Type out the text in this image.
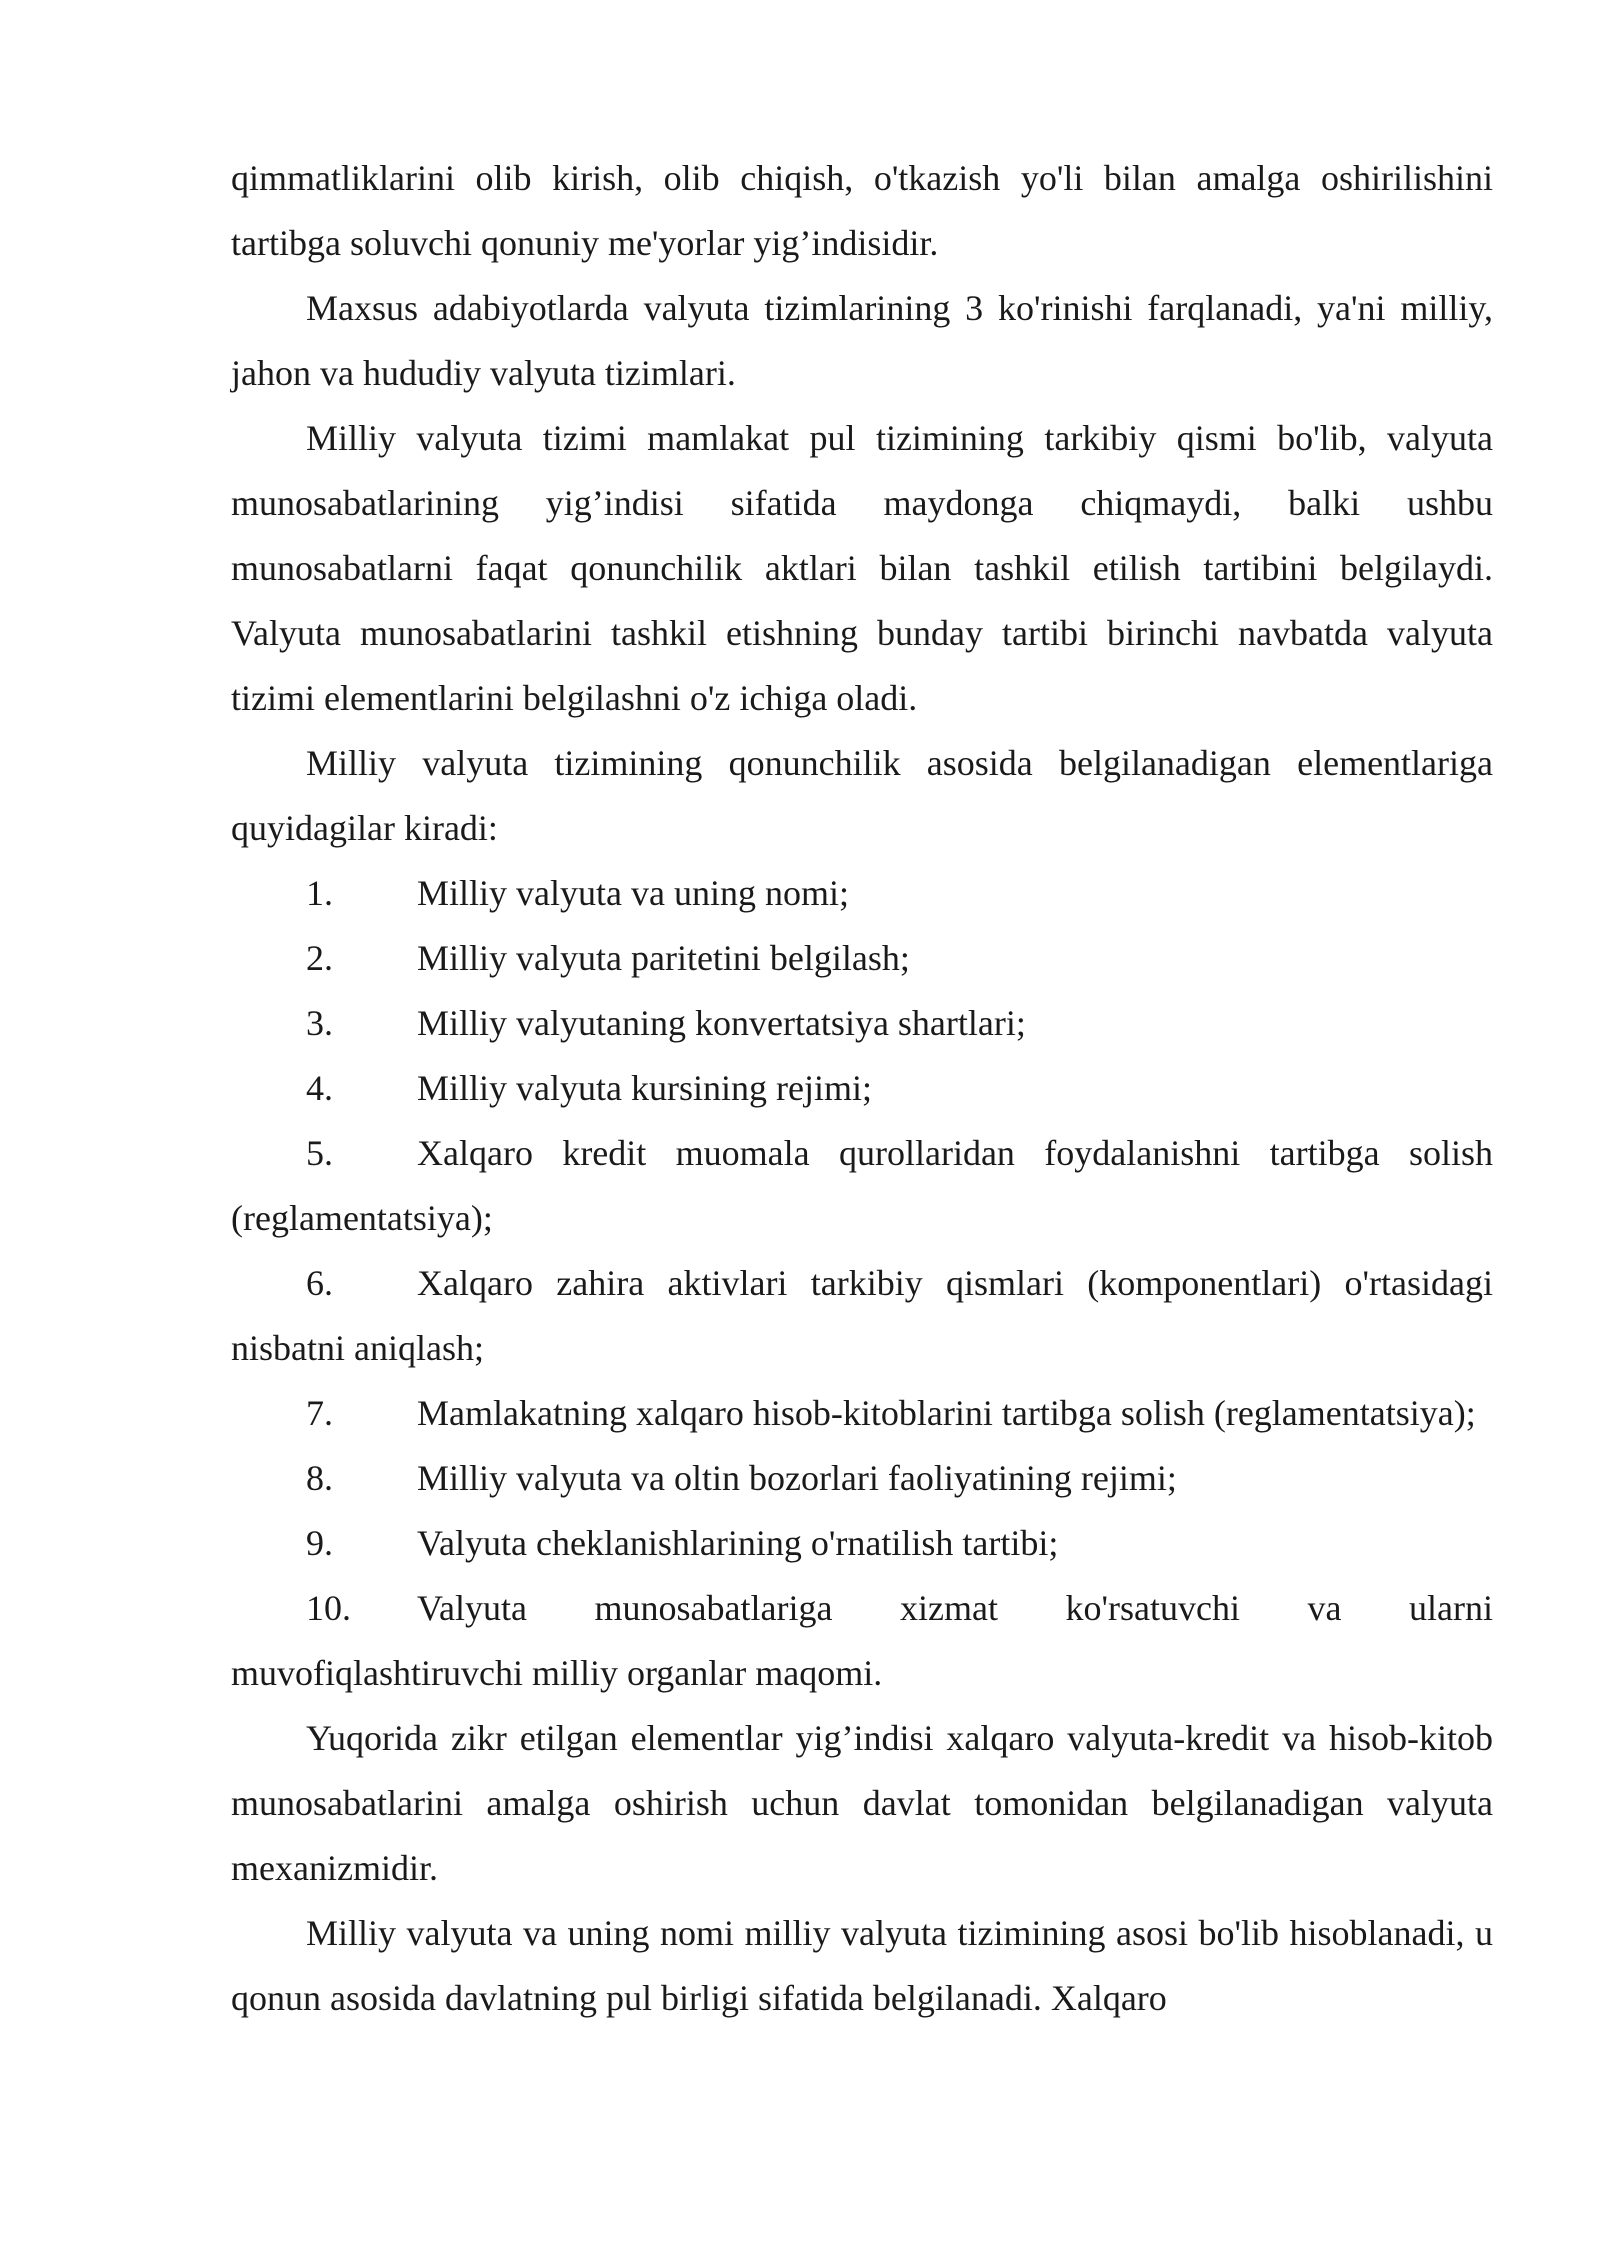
qimmatliklarini olib kirish, olib chiqish, o'tkazish yo'li bilan amalga oshirilishini tartibga soluvchi qonuniy me'yorlar yig’indisidir.

Maxsus adabiyotlarda valyuta tizimlarining 3 ko'rinishi farqlanadi, ya'ni milliy, jahon va hududiy valyuta tizimlari.

Milliy valyuta tizimi mamlakat pul tizimining tarkibiy qismi bo'lib, valyuta munosabatlarining yig’indisi sifatida maydonga chiqmaydi, balki ushbu munosabatlarni faqat qonunchilik aktlari bilan tashkil etilish tartibini belgilaydi. Valyuta munosabatlarini tashkil etishning bunday tartibi birinchi navbatda valyuta tizimi elementlarini belgilashni o'z ichiga oladi.

Milliy valyuta tizimining qonunchilik asosida belgilanadigan elementlariga quyidagilar kiradi:

1. Milliy valyuta va uning nomi;

2. Milliy valyuta paritetini belgilash;

3. Milliy valyutaning konvertatsiya shartlari;

4. Milliy valyuta kursining rejimi;

5. Xalqaro kredit muomala qurollaridan foydalanishni tartibga solish (reglamentatsiya);

6. Xalqaro zahira aktivlari tarkibiy qismlari (komponentlari) o'rtasidagi nisbatni aniqlash;

7. Mamlakatning xalqaro hisob-kitoblarini tartibga solish (reglamentatsiya);

8. Milliy valyuta va oltin bozorlari faoliyatining rejimi;

9. Valyuta cheklanishlarining o'rnatilish tartibi;

10. Valyuta munosabatlariga xizmat ko'rsatuvchi va ularni muvofiqlashtiruvchi milliy organlar maqomi.

Yuqorida zikr etilgan elementlar yig’indisi xalqaro valyuta-kredit va hisob-kitob munosabatlarini amalga oshirish uchun davlat tomonidan belgilanadigan valyuta mexanizmidir.

Milliy valyuta va uning nomi milliy valyuta tizimining asosi bo'lib hisoblanadi, u qonun asosida davlatning pul birligi sifatida belgilanadi. Xalqaro
